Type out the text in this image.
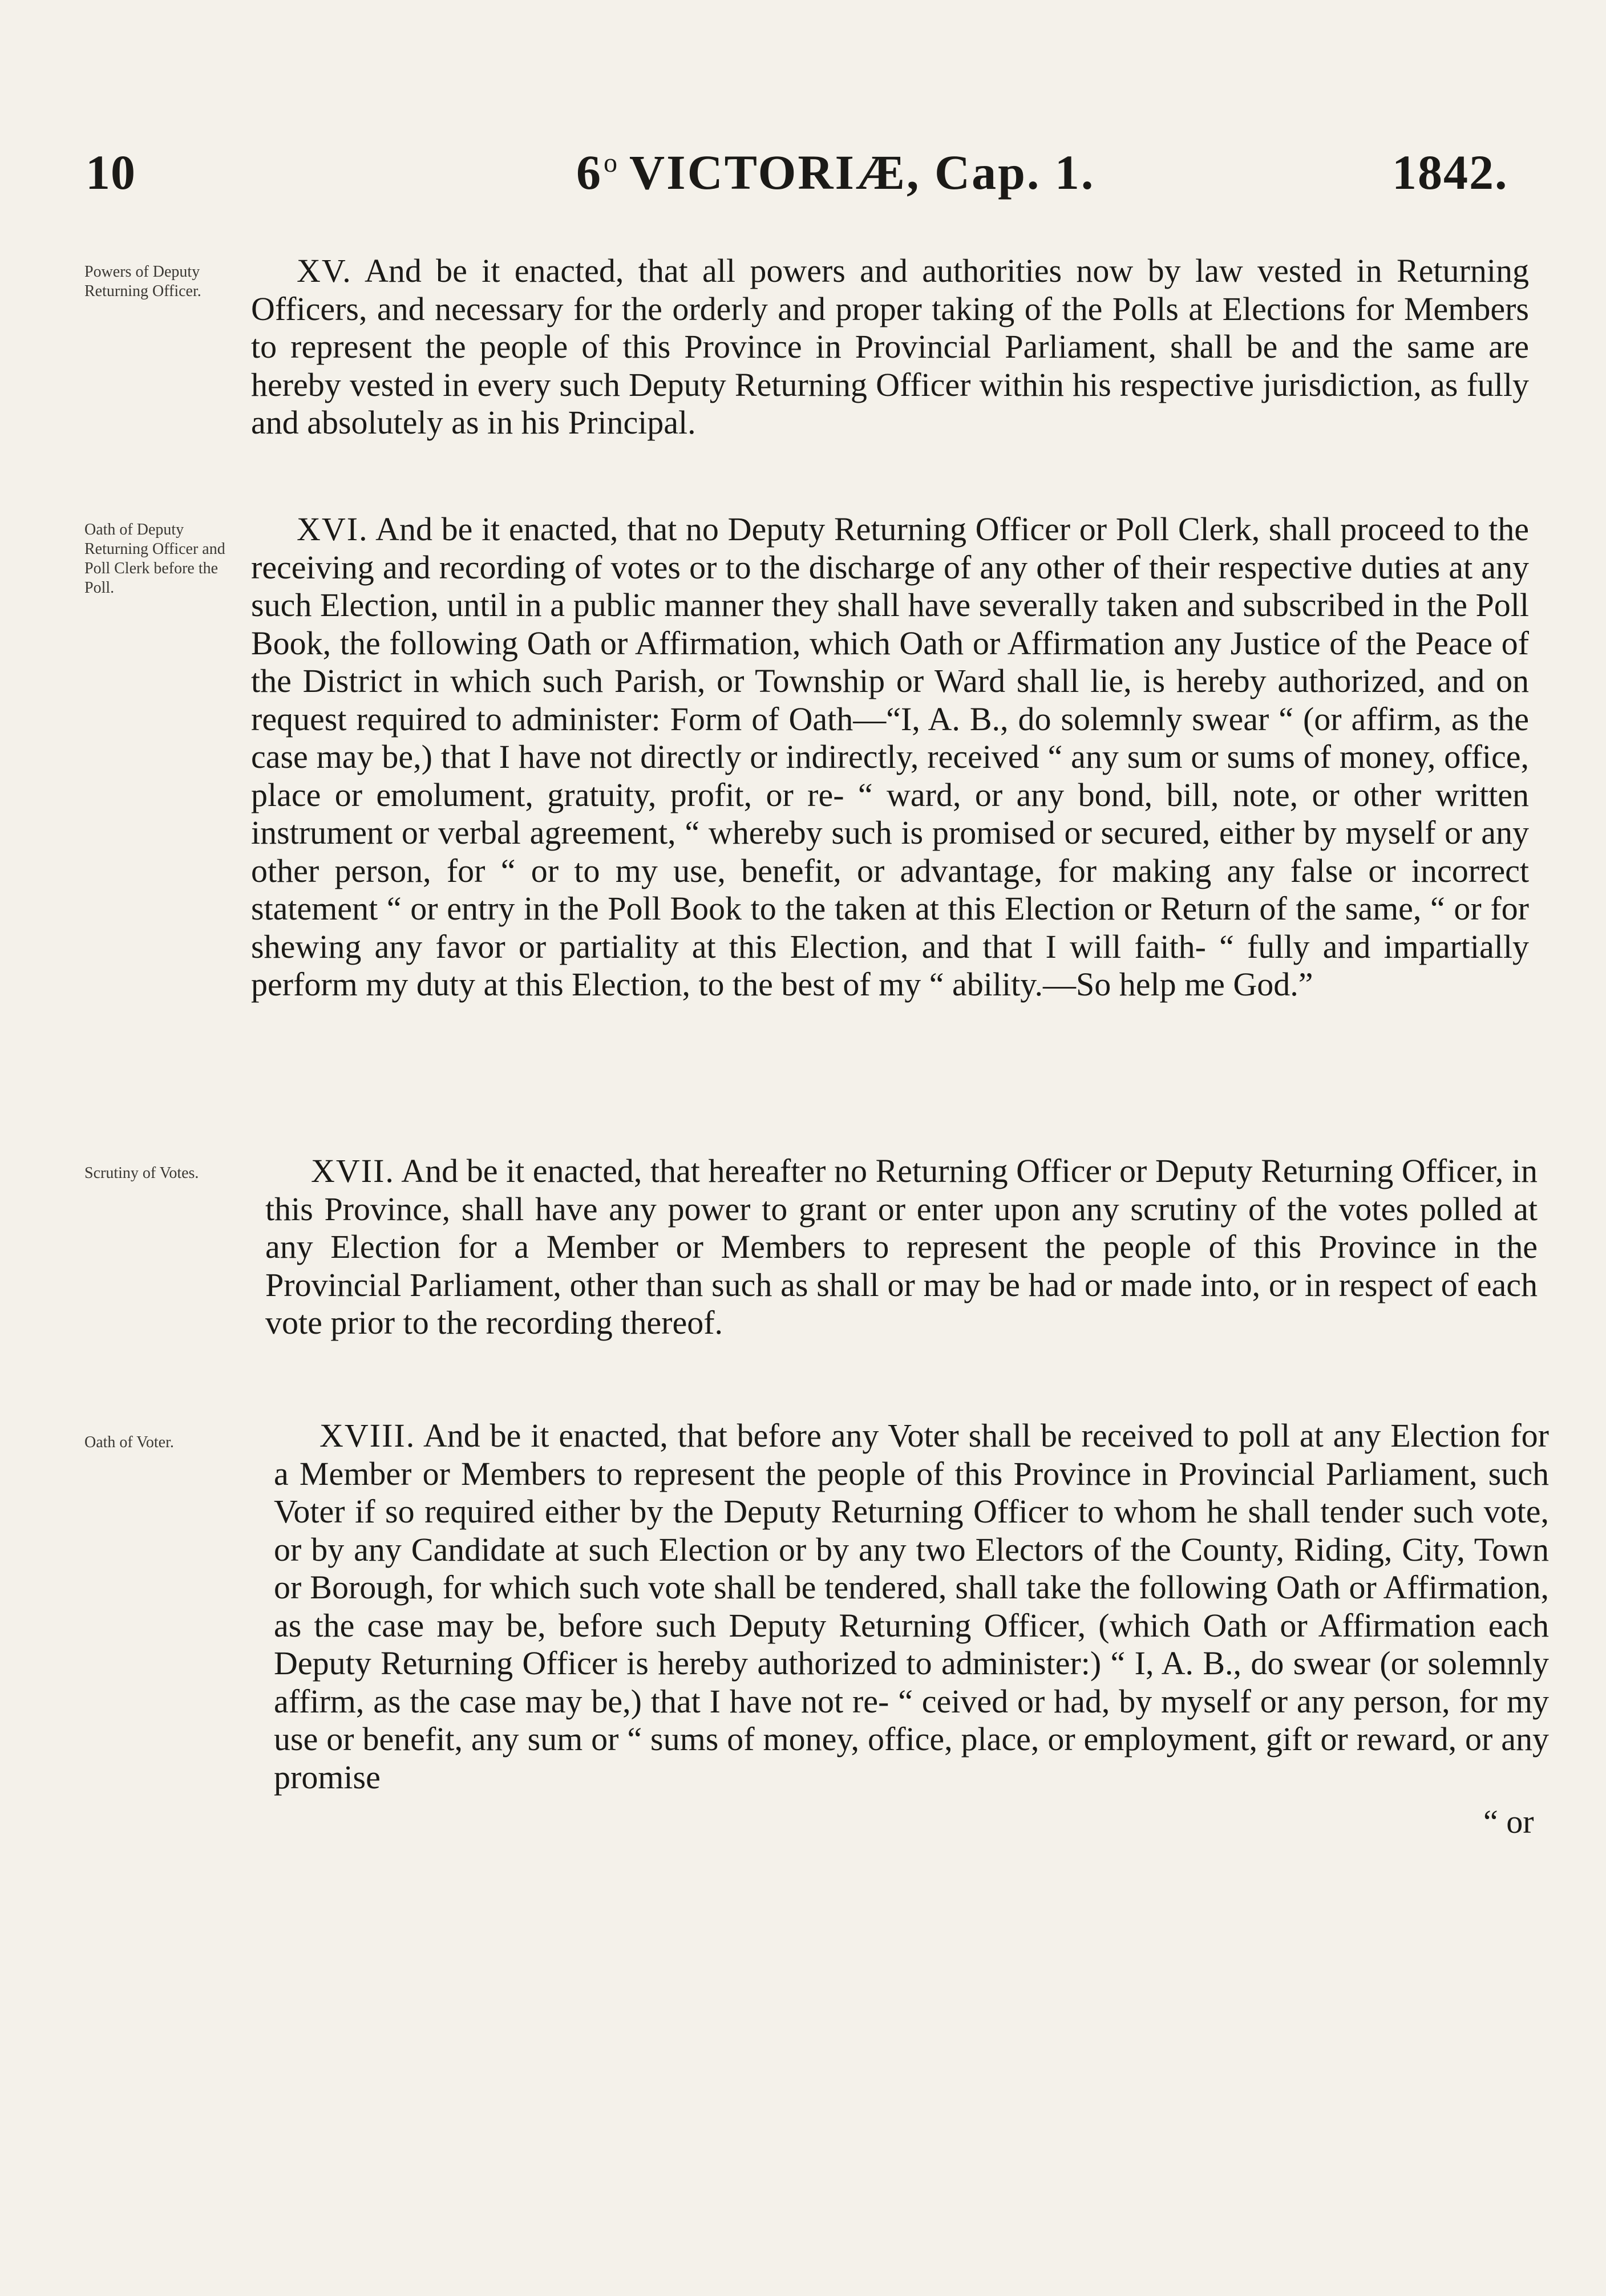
10	6$^o$ VICTORIÆ, Cap. 1.	1842.
Powers of Deputy Returning Officer.

XV. And be it enacted, that all powers and authorities now by law vested in Returning Officers, and necessary for the orderly and proper taking of the Polls at Elections for Members to represent the people of this Province in Provincial Parliament, shall be and the same are hereby vested in every such Deputy Returning Officer within his respective jurisdiction, as fully and absolutely as in his Principal.

Oath of Deputy Returning Officer and Poll Clerk before the Poll.

XVI. And be it enacted, that no Deputy Returning Officer or Poll Clerk, shall proceed to the receiving and recording of votes or to the discharge of any other of their respective duties at any such Election, until in a public manner they shall have severally taken and subscribed in the Poll Book, the following Oath or Affirmation, which Oath or Affirmation any Justice of the Peace of the District in which such Parish, or Township or Ward shall lie, is hereby authorized, and on request required to administer: Form of Oath—“I, A. B., do solemnly swear “ (or affirm, as the case may be,) that I have not directly or indirectly, received “ any sum or sums of money, office, place or emolument, gratuity, profit, or re- “ ward, or any bond, bill, note, or other written instrument or verbal agreement, “ whereby such is promised or secured, either by myself or any other person, for “ or to my use, benefit, or advantage, for making any false or incorrect statement “ or entry in the Poll Book to the taken at this Election or Return of the same, “ or for shewing any favor or partiality at this Election, and that I will faith- “ fully and impartially perform my duty at this Election, to the best of my “ ability.—So help me God.”

Scrutiny of Votes.	XVII. And be it enacted, that hereafter no Returning Officer or Deputy Returning Officer, in this Province, shall have any power to grant or enter upon any scrutiny of the votes polled at any Election for a Member or Members to represent the people of this Province in the Provincial Parliament, other than such as shall or may be had or made into, or in respect of each vote prior to the recording thereof.

Oath of Voter.	XVIII. And be it enacted, that before any Voter shall be received to poll at any Election for a Member or Members to represent the people of this Province in Provincial Parliament, such Voter if so required either by the Deputy Returning Officer to whom he shall tender such vote, or by any Candidate at such Election or by any two Electors of the County, Riding, City, Town or Borough, for which such vote shall be tendered, shall take the following Oath or Affirmation, as the case may be, before such Deputy Returning Officer, (which Oath or Affirmation each Deputy Returning Officer is hereby authorized to administer:) “ I, A. B., do swear (or solemnly affirm, as the case may be,) that I have not re- “ ceived or had, by myself or any person, for my use or benefit, any sum or “ sums of money, office, place, or employment, gift or reward, or any promise

“ or
